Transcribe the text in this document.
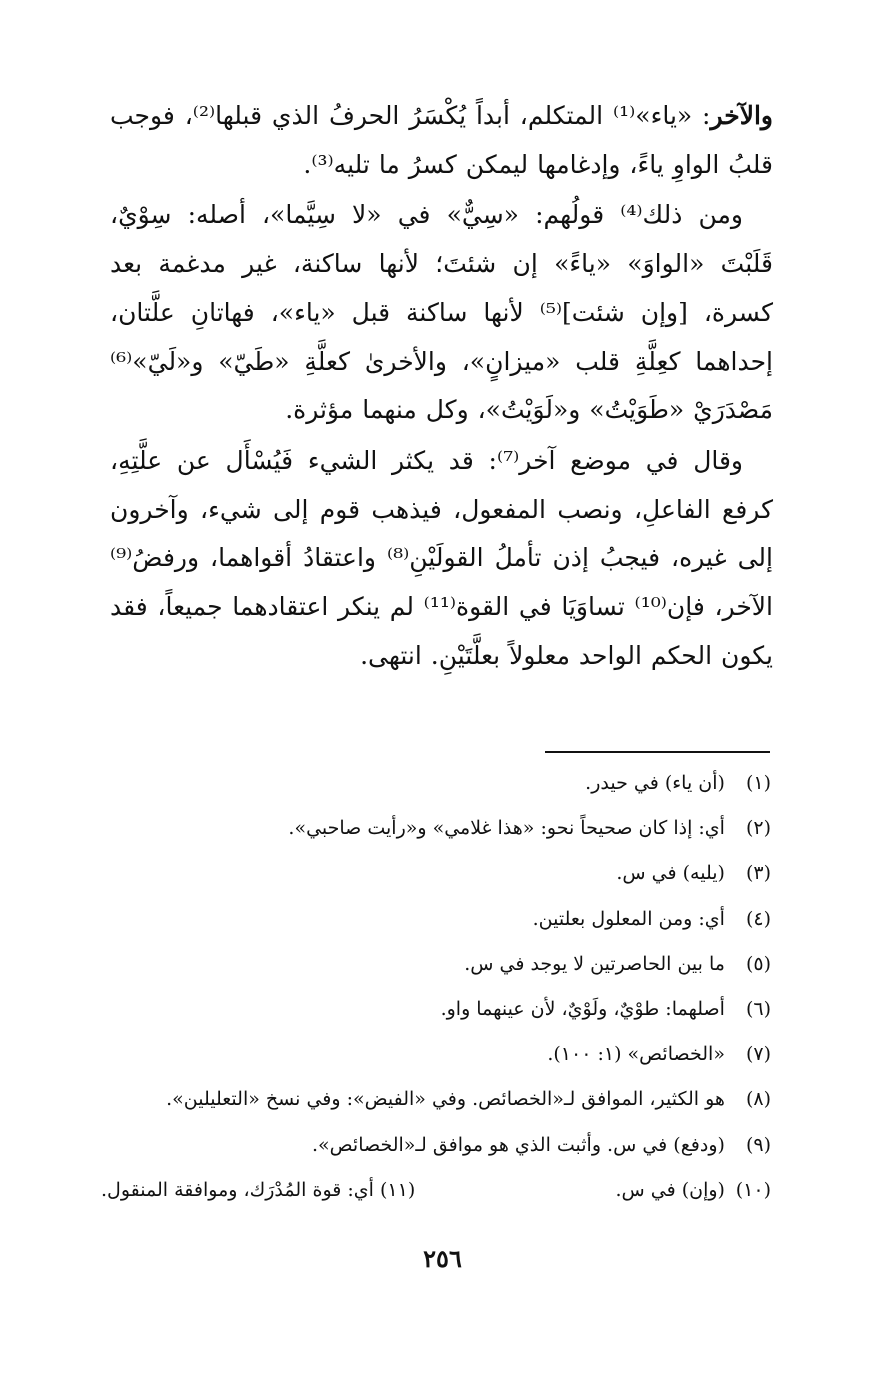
والآخر: «ياء»⁽¹⁾ المتكلم، أبداً يُكْسَرُ الحرفُ الذي قبلها⁽²⁾، فوجب قلبُ الواوِ ياءً، وإدغامها ليمكن كسرُ ما تليه⁽³⁾.

ومن ذلك⁽⁴⁾ قولُهم: «سِيٌّ» في «لا سِيَّما»، أصله: سِوْيٌ، قَلَبْتَ «الواوَ» «ياءً» إن شئتَ؛ لأنها ساكنة، غير مدغمة بعد كسرة، [وإن شئت]⁽⁵⁾ لأنها ساكنة قبل «ياء»، فهاتانِ علَّتان، إحداهما كعِلَّةِ قلب «ميزانٍ»، والأخرىٰ كعلَّةِ «طَيّ» و«لَيّ»⁽⁶⁾ مَصْدَرَيْ «طَوَيْتُ» و«لَوَيْتُ»، وكل منهما مؤثرة.

وقال في موضع آخر⁽⁷⁾: قد يكثر الشيء فَيُسْأَل عن علَّتِهِ، كرفع الفاعلِ، ونصب المفعول، فيذهب قوم إلى شيء، وآخرون إلى غيره، فيجبُ إذن تأملُ القولَيْنِ⁽⁸⁾ واعتقادُ أقواهما، ورفضُ⁽⁹⁾ الآخر، فإن⁽¹⁰⁾ تساوَيَا في القوة⁽¹¹⁾ لم ينكر اعتقادهما جميعاً، فقد يكون الحكم الواحد معلولاً بعلَّتَيْنِ. انتهى.

(١) (أن ياء) في حيدر.
(٢) أي: إذا كان صحيحاً نحو: «هذا غلامي» و«رأيت صاحبي».
(٣) (يليه) في س.
(٤) أي: ومن المعلول بعلتين.
(٥) ما بين الحاصرتين لا يوجد في س.
(٦) أصلهما: طوْيٌ، ولَوْيٌ، لأن عينهما واو.
(٧) «الخصائص» (١: ١٠٠).
(٨) هو الكثير، الموافق لـ«الخصائص. وفي «الفيض»: وفي نسخ «التعليلين».
(٩) (ودفع) في س. وأثبت الذي هو موافق لـ«الخصائص».
(١٠) (وإن) في س.
(١١) أي: قوة المُدْرَك، وموافقة المنقول.
٢٥٦
